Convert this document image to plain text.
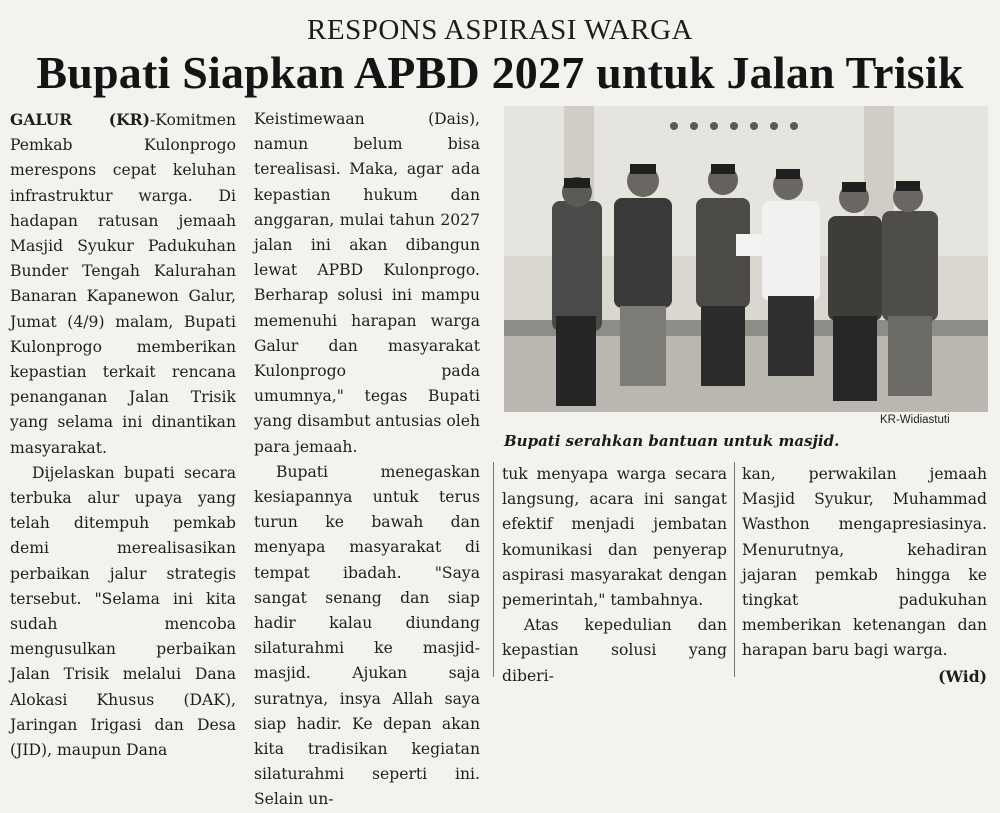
RESPONS ASPIRASI WARGA
Bupati Siapkan APBD 2027 untuk Jalan Trisik

GALUR (KR)-Komitmen Pemkab Kulonprogo merespons cepat keluhan infrastruktur warga. Di hadapan ratusan jemaah Masjid Syukur Padukuhan Bunder Tengah Kalurahan Banaran Kapanewon Galur, Jumat (4/9) malam, Bupati Kulonprogo memberikan kepastian terkait rencana penanganan Jalan Trisik yang selama ini dinantikan masyarakat.

Dijelaskan bupati secara terbuka alur upaya yang telah ditempuh pemkab demi merealisasikan perbaikan jalur strategis tersebut. "Selama ini kita sudah mencoba mengusulkan perbaikan Jalan Trisik melalui Dana Alokasi Khusus (DAK), Jaringan Irigasi dan Desa (JID), maupun Dana

Keistimewaan (Dais), namun belum bisa terealisasi. Maka, agar ada kepastian hukum dan anggaran, mulai tahun 2027 jalan ini akan dibangun lewat APBD Kulonprogo. Berharap solusi ini mampu memenuhi harapan warga Galur dan masyarakat Kulonprogo pada umumnya," tegas Bupati yang disambut antusias oleh para jemaah.

Bupati menegaskan kesiapannya untuk terus turun ke bawah dan menyapa masyarakat di tempat ibadah. "Saya sangat senang dan siap hadir kalau diundang silaturahmi ke masjid-masjid. Ajukan saja suratnya, insya Allah saya siap hadir. Ke depan akan kita tradisikan kegiatan silaturahmi seperti ini. Selain un-

KR-Widiastuti
Bupati serahkan bantuan untuk masjid.

tuk menyapa warga secara langsung, acara ini sangat efektif menjadi jembatan komunikasi dan penyerap aspirasi masyarakat dengan pemerintah," tambahnya.

Atas kepedulian dan kepastian solusi yang diberi-

kan, perwakilan jemaah Masjid Syukur, Muhammad Wasthon mengapresiasinya. Menurutnya, kehadiran jajaran pemkab hingga ke tingkat padukuhan memberikan ketenangan dan harapan baru bagi warga.

(Wid)
